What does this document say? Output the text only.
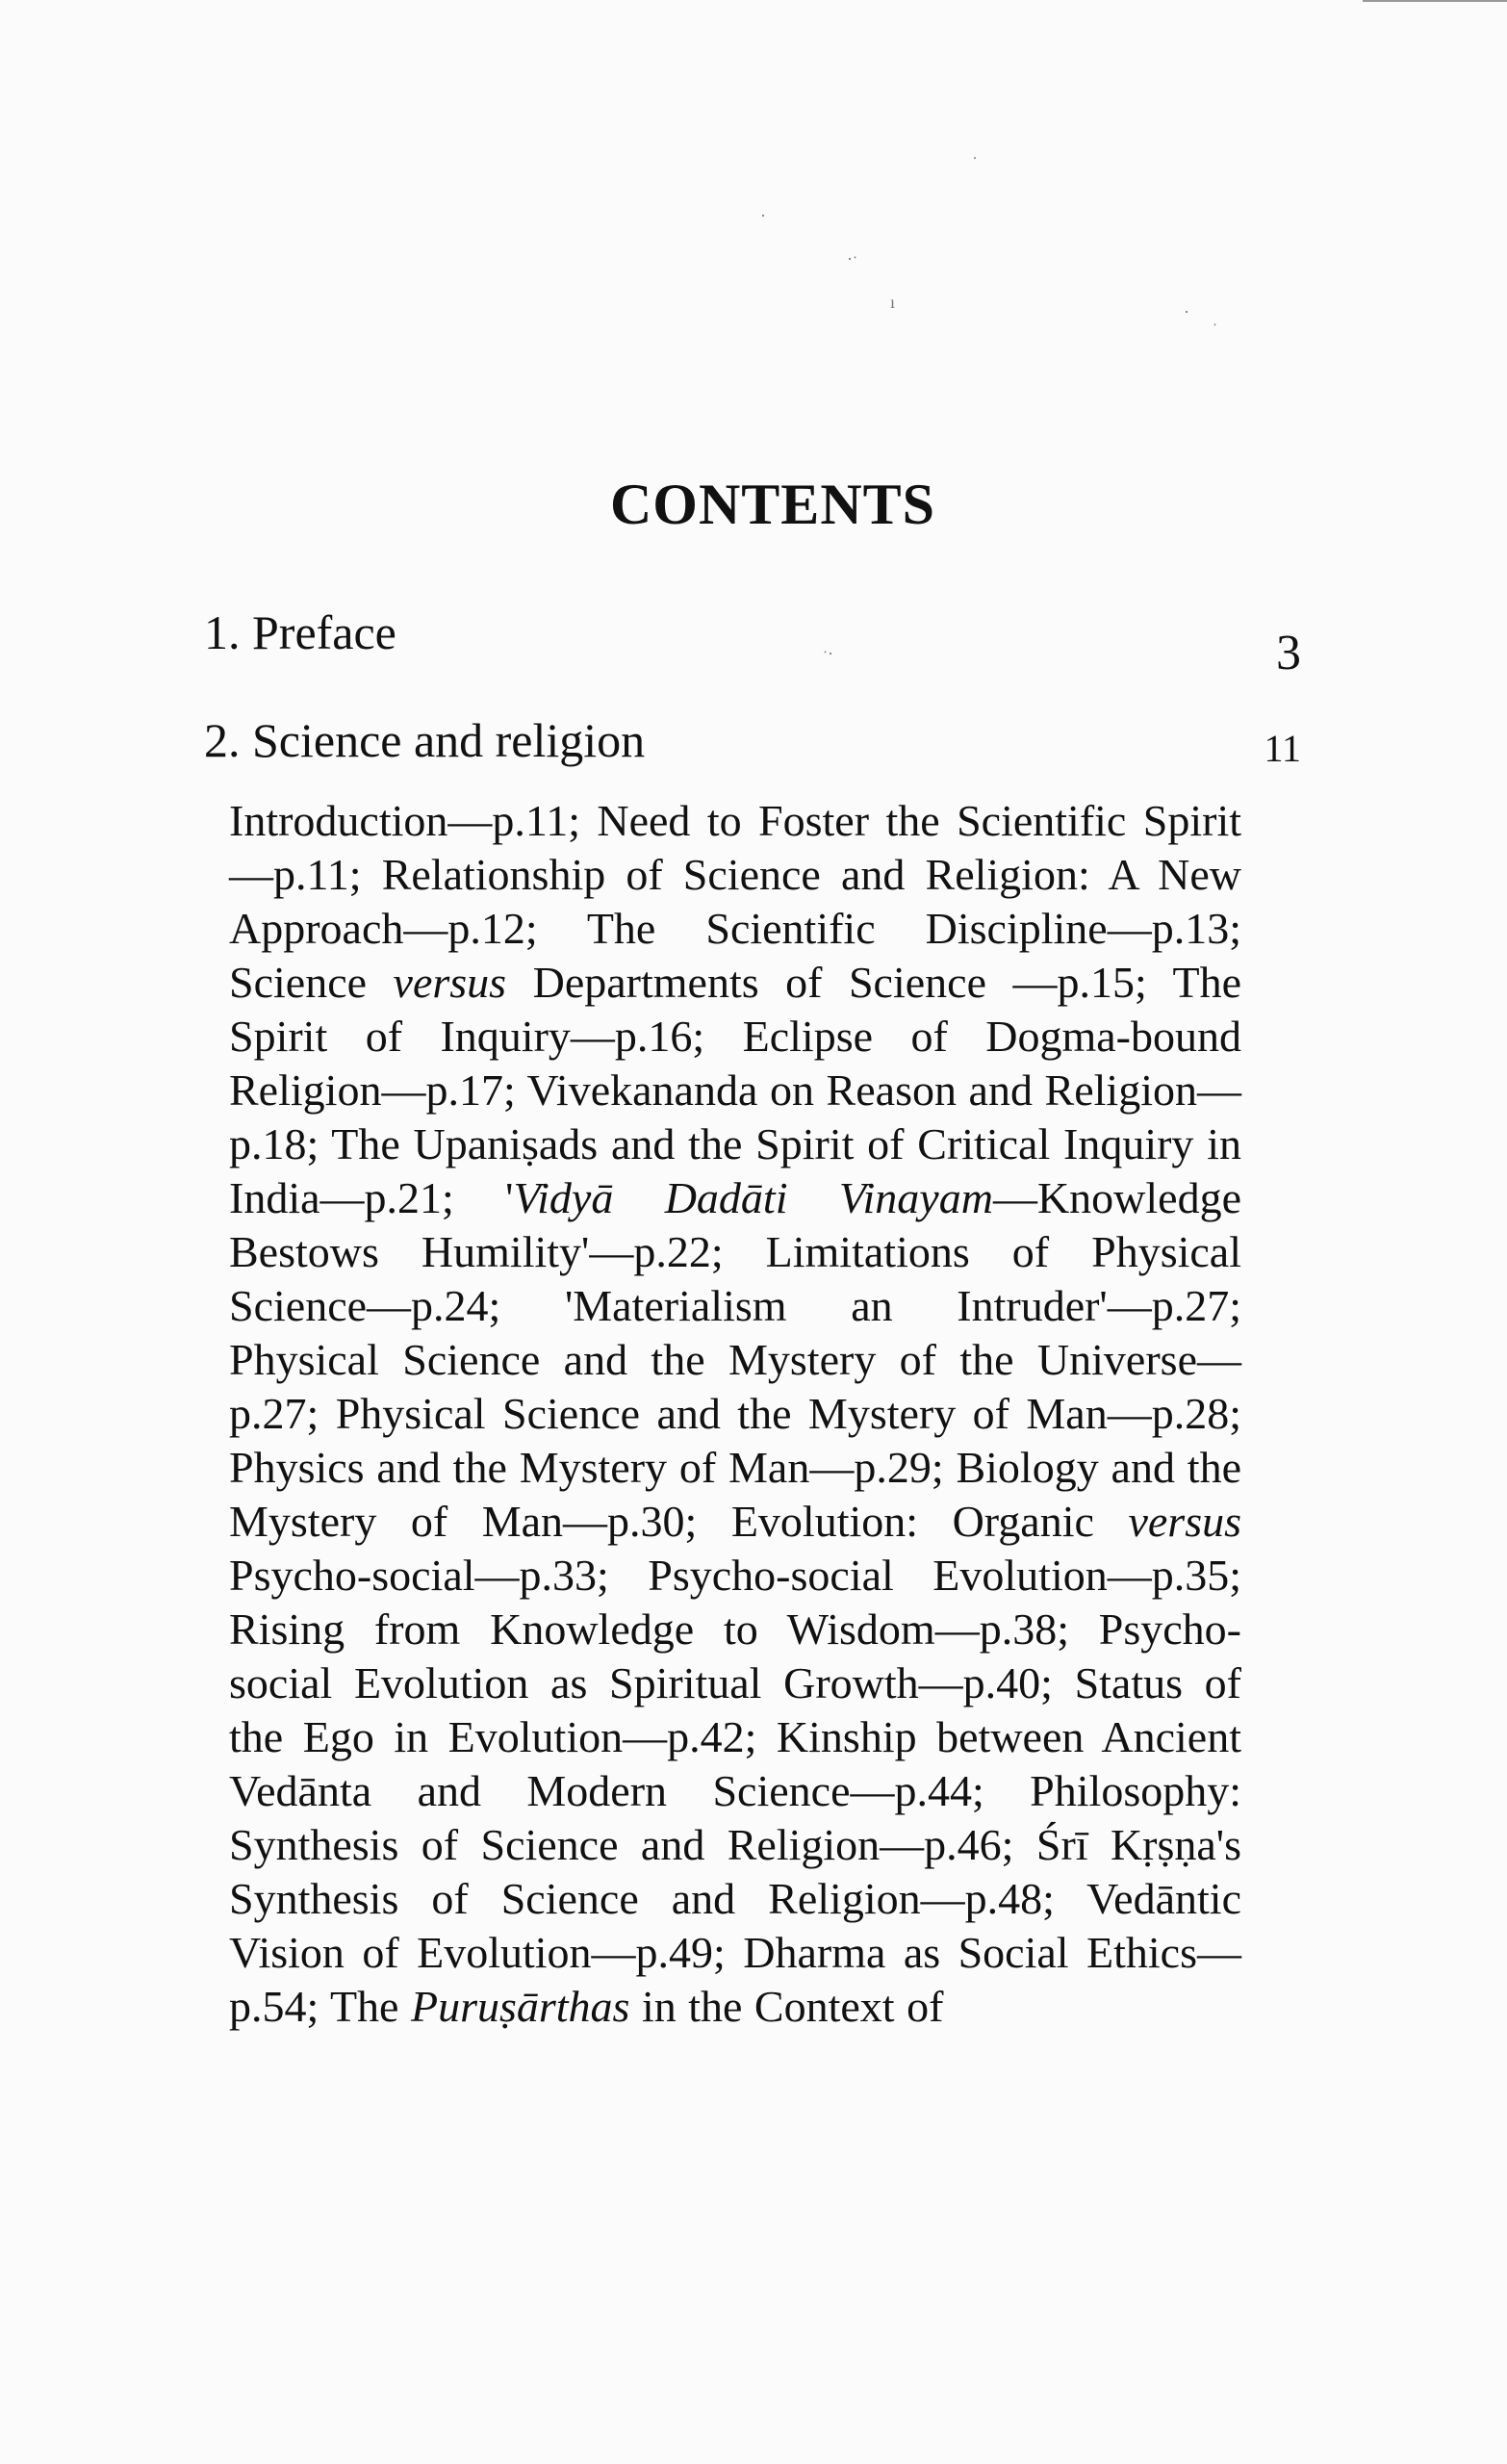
·
˙
·ˑ
·
ˑ
ı
ˑ·
CONTENTS
1. Preface	3
2. Science and religion	11
Introduction—p.11; Need to Foster the Scientific Spirit—p.11; Relationship of Science and Religion: A New Approach—p.12; The Scientific Discipline—p.13; Science versus Departments of Science —p.15; The Spirit of Inquiry—p.16; Eclipse of Dogma-bound Religion—p.17; Vivekananda on Reason and Religion—p.18; The Upaniṣads and the Spirit of Critical Inquiry in India—p.21; 'Vidyā Dadāti Vinayam—Knowledge Bestows Humility'—p.22; Limitations of Physical Science—p.24; 'Materialism an Intruder'—p.27; Physical Science and the Mystery of the Universe—p.27; Physical Science and the Mystery of Man—p.28; Physics and the Mystery of Man—p.29; Biology and the Mystery of Man—p.30; Evolution: Organic versus Psycho-social—p.33; Psycho-social Evolution—p.35; Rising from Knowledge to Wisdom—p.38; Psycho-social Evolution as Spiritual Growth—p.40; Status of the Ego in Evolution—p.42; Kinship between Ancient Vedānta and Modern Science—p.44; Philosophy: Synthesis of Science and Religion—p.46; Śrī Kṛṣṇa's Synthesis of Science and Religion—p.48; Vedāntic Vision of Evolution—p.49; Dharma as Social Ethics—p.54; The Puruṣārthas in the Context of
